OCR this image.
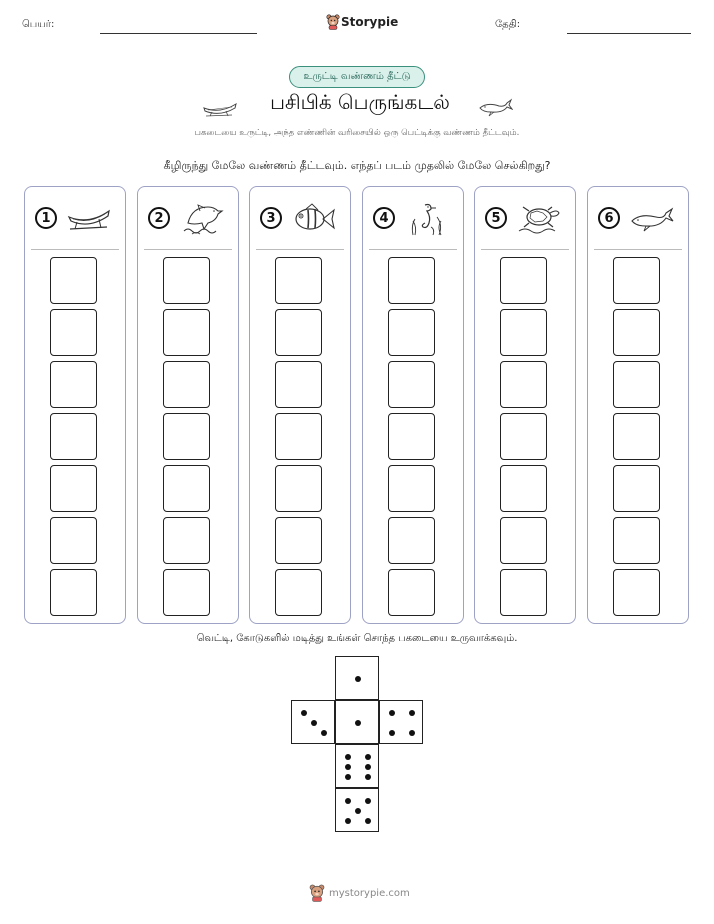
பெயர்:	Storypie	தேதி:
உருட்டி வண்ணம் தீட்டு
பசிபிக் பெருங்கடல்
பகடையை உருட்டி, அந்த எண்ணின் வரிசையில் ஒரு பெட்டிக்கு வண்ணம் தீட்டவும்.
கீழிருந்து மேலே வண்ணம் தீட்டவும். எந்தப் படம் முதலில் மேலே செல்கிறது?
1	2	3	4	5	6
வெட்டி, கோடுகளில் மடித்து உங்கள் சொந்த பகடையை உருவாக்கவும்.
mystorypie.com
